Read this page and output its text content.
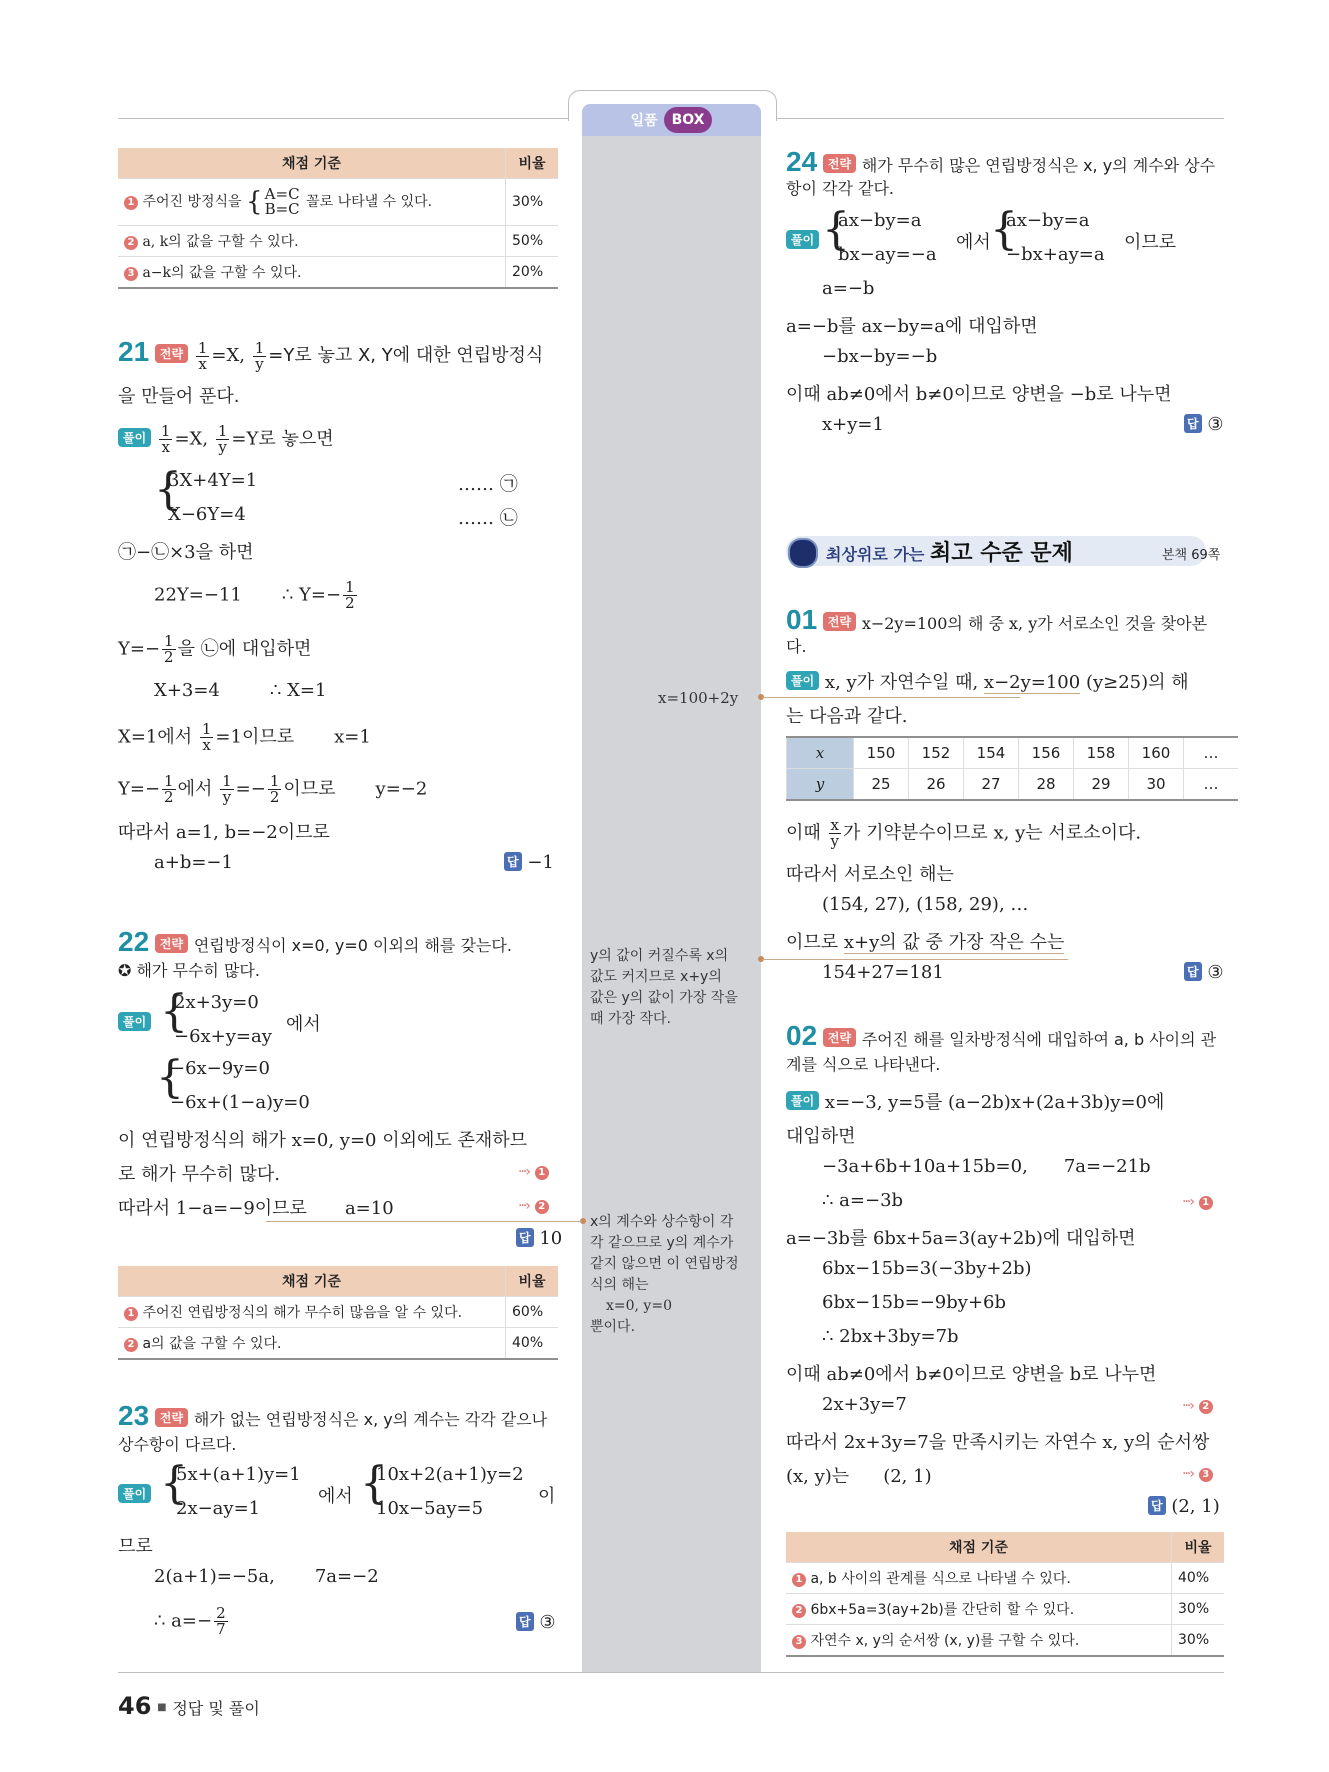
일품	BOX
채점 기준	비율
1 주어진 방정식을 { A=C
B=C 꼴로 나타낼 수 있다.	30%
2 a, k의 값을 구할 수 있다.	50%
3 a−k의 값을 구할 수 있다.	20%
21 전략 $\frac{1}{x} =X$, $\frac{1}{y} =Y$로 놓고 X, Y에 대한 연립방정식
을 만들어 푼다.
풀이 $\frac{1}{x} =X$, $\frac{1}{y} =Y$로 놓으면
{
3X+4Y=1	…… ㉠
X−6Y=4	…… ㉡
㉠−㉡×3을 하면
22Y=−11 ∴ $Y=- \frac{1}{2}$
$Y=- \frac{1}{2}$ 을 ㉡에 대입하면
X+3=4	∴ X=1
X=1에서 $\frac{1}{x} =1$이므로 x=1
$Y=- \frac{1}{2}$ 에서 $\frac{1}{y} =- \frac{1}{2}$ 이므로 y=−2
따라서 a=1, b=−2이므로
a+b=−1	답 −1
22 전략 연립방정식이 x=0, y=0 이외의 해를 갖는다.
✪ 해가 무수히 많다.
풀이 {
2x+3y=0
−6x+y=ay
에서
{
−6x−9y=0
−6x+(1−a)y=0
이 연립방정식의 해가 x=0, y=0 이외에도 존재하므
로 해가 무수히 많다.	···› 1
따라서 1−a=−9이므로 a=10	···› 2
답 10
채점 기준	비율
1 주어진 연립방정식의 해가 무수히 많음을 알 수 있다.	60%
2 a의 값을 구할 수 있다.	40%
23 전략 해가 없는 연립방정식은 x, y의 계수는 각각 같으나
상수항이 다르다.
풀이 {
5x+(a+1)y=1
2x−ay=1
에서 {
10x+2(a+1)y=2
10x−5ay=5
이
므로
2(a+1)=−5a, 7a=−2
∴ $a=- \frac{2}{7}$	답 ③
x=100+2y
y의 값이 커질수록 x의
값도 커지므로 x+y의
값은 y의 값이 가장 작을
때 가장 작다.
x의 계수와 상수항이 각
각 같으므로 y의 계수가
같지 않으면 이 연립방정
식의 해는
x=0, y=0
뿐이다.
24 전략 해가 무수히 많은 연립방정식은 x, y의 계수와 상수
항이 각각 같다.
풀이 {
ax−by=a
bx−ay=−a
에서 {
ax−by=a
−bx+ay=a
이므로
a=−b
a=−b를 ax−by=a에 대입하면
−bx−by=−b
이때 ab≠0에서 b≠0이므로 양변을 −b로 나누면
x+y=1	답 ③
최상위로 가는 최고 수준 문제	본책 69쪽
01 전략 x−2y=100의 해 중 x, y가 서로소인 것을 찾아본
다.
풀이 x, y가 자연수일 때, x−2y=100 (y≥25)의 해
는 다음과 같다.
x	150	152	154	156	158	160	…
y	25	26	27	28	29	30	…
이때 $\frac{x}{y}$ 가 기약분수이므로 x, y는 서로소이다.
따라서 서로소인 해는
(154, 27), (158, 29), …
이므로 x+y의 값 중 가장 작은 수는
154+27=181	답 ③
02 전략 주어진 해를 일차방정식에 대입하여 a, b 사이의 관
계를 식으로 나타낸다.
풀이 x=−3, y=5를 (a−2b)x+(2a+3b)y=0에
대입하면
−3a+6b+10a+15b=0, 7a=−21b
∴ a=−3b	···› 1
a=−3b를 6bx+5a=3(ay+2b)에 대입하면
6bx−15b=3(−3by+2b)
6bx−15b=−9by+6b
∴ 2bx+3by=7b
이때 ab≠0에서 b≠0이므로 양변을 b로 나누면
2x+3y=7	···› 2
따라서 2x+3y=7을 만족시키는 자연수 x, y의 순서쌍
(x, y)는 (2, 1)	···› 3
답 (2, 1)
채점 기준	비율
1 a, b 사이의 관계를 식으로 나타낼 수 있다.	40%
2 6bx+5a=3(ay+2b)를 간단히 할 수 있다.	30%
3 자연수 x, y의 순서쌍 (x, y)를 구할 수 있다.	30%
46 ■ 정답 및 풀이
